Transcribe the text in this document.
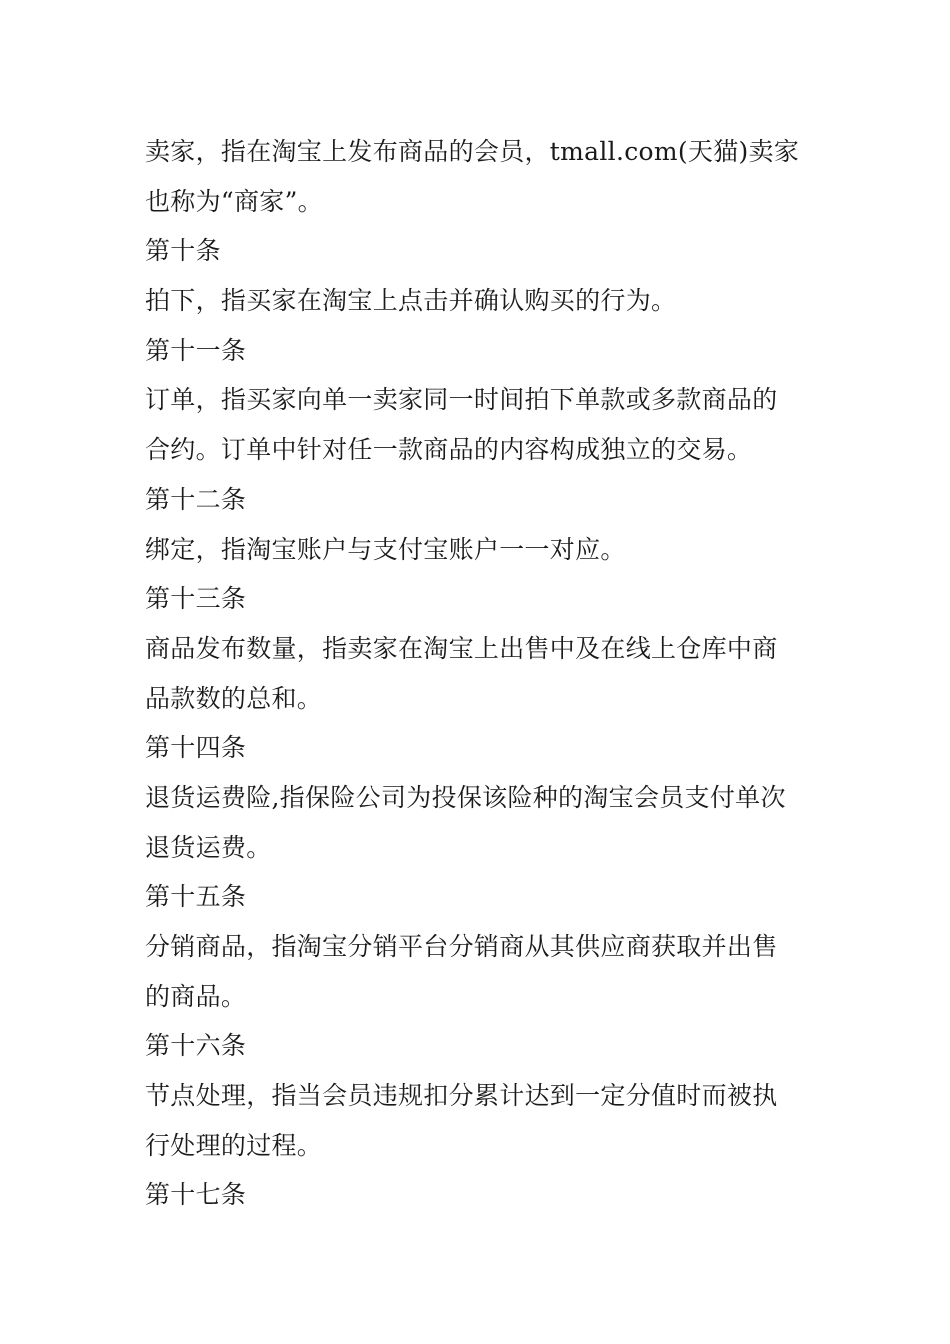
卖家，指在淘宝上发布商品的会员，tmall.com(天猫)卖家
也称为“商家”。
第十条
拍下，指买家在淘宝上点击并确认购买的行为。
第十一条
订单，指买家向单一卖家同一时间拍下单款或多款商品的
合约。订单中针对任一款商品的内容构成独立的交易。
第十二条
绑定，指淘宝账户与支付宝账户一一对应。
第十三条
商品发布数量，指卖家在淘宝上出售中及在线上仓库中商
品款数的总和。
第十四条
退货运费险,指保险公司为投保该险种的淘宝会员支付单次
退货运费。
第十五条
分销商品，指淘宝分销平台分销商从其供应商获取并出售
的商品。
第十六条
节点处理，指当会员违规扣分累计达到一定分值时而被执
行处理的过程。
第十七条
